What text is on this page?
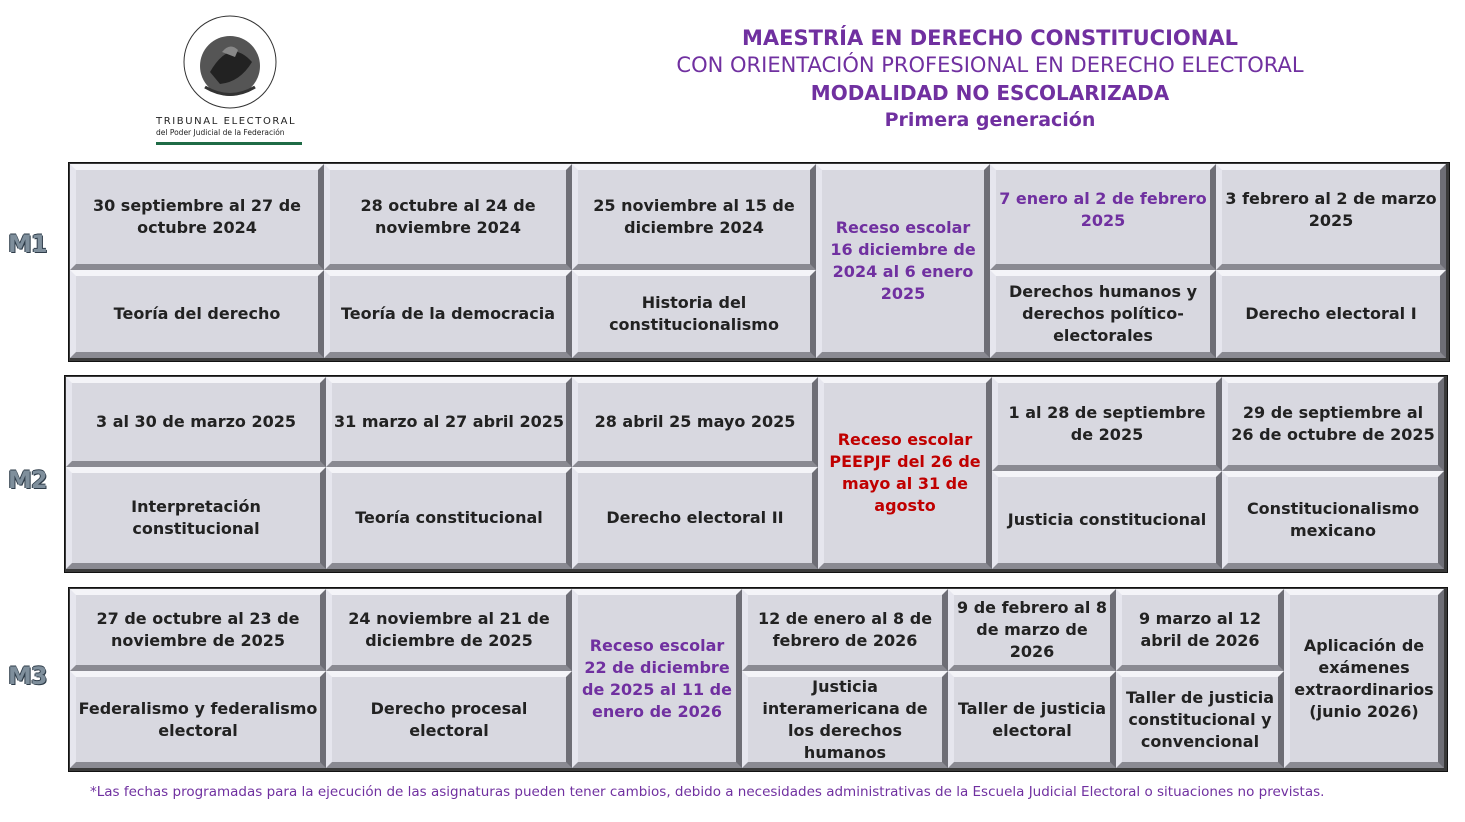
TRIBUNAL ELECTORAL
del Poder Judicial de la Federación
MAESTRÍA EN DERECHO CONSTITUCIONAL
CON ORIENTACIÓN PROFESIONAL EN DERECHO ELECTORAL
MODALIDAD NO ESCOLARIZADA
Primera generación
M1
30 septiembre al 27 de octubre 2024
Teoría del derecho
28 octubre al 24 de noviembre 2024
Teoría de la democracia
25 noviembre al 15 de diciembre 2024
Historia del constitucionalismo
Receso escolar 16 diciembre de 2024 al 6 enero 2025
7 enero al 2 de febrero 2025
Derechos humanos y derechos político-electorales
3 febrero al 2 de marzo 2025
Derecho electoral I
M2
3 al 30 de marzo 2025
Interpretación constitucional
31 marzo al 27 abril 2025
Teoría constitucional
28 abril 25 mayo 2025
Derecho electoral II
Receso escolar PEEPJF del 26 de mayo al 31 de agosto
1 al 28 de septiembre de 2025
Justicia constitucional
29 de septiembre al 26 de octubre de 2025
Constitucionalismo mexicano
M3
27 de octubre al 23 de noviembre de 2025
Federalismo y federalismo electoral
24 noviembre al 21 de diciembre de 2025
Derecho procesal electoral
Receso escolar 22 de diciembre de 2025 al 11 de enero de 2026
12 de enero al 8 de febrero de 2026
Justicia interamericana de los derechos humanos
9 de febrero al 8 de marzo de 2026
Taller de justicia electoral
9 marzo al 12 abril de 2026
Taller de justicia constitucional y convencional
Aplicación de exámenes extraordinarios (junio 2026)
*Las fechas programadas para la ejecución de las asignaturas pueden tener cambios, debido a necesidades administrativas de la Escuela Judicial Electoral o situaciones no previstas.
